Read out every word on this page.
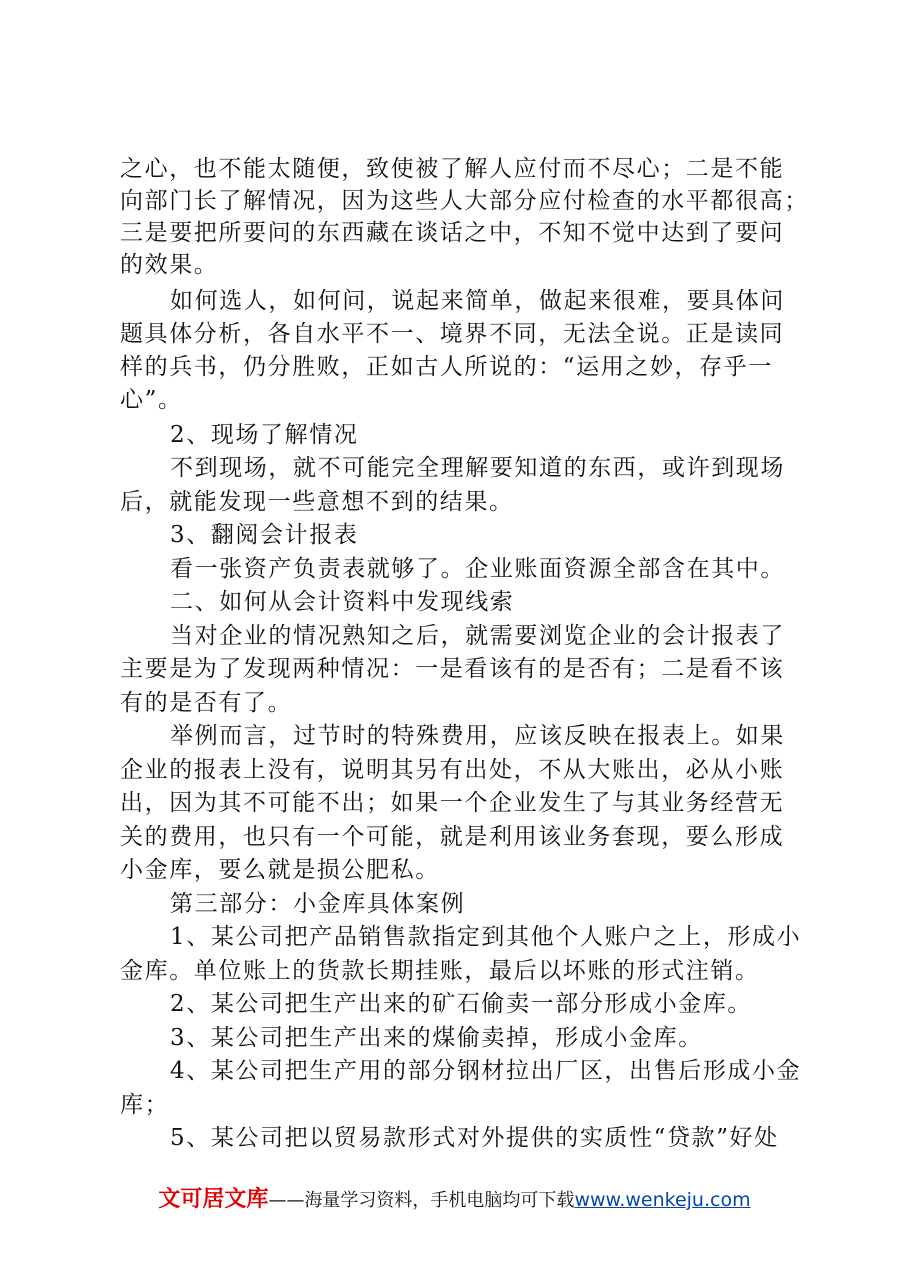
之心，也不能太随便，致使被了解人应付而不尽心；二是不能
向部门长了解情况，因为这些人大部分应付检查的水平都很高；
三是要把所要问的东西藏在谈话之中，不知不觉中达到了要问
的效果。
如何选人，如何问，说起来简单，做起来很难，要具体问
题具体分析，各自水平不一、境界不同，无法全说。正是读同
样的兵书，仍分胜败，正如古人所说的：“运用之妙，存乎一
心”。
2、现场了解情况
不到现场，就不可能完全理解要知道的东西，或许到现场
后，就能发现一些意想不到的结果。
3、翻阅会计报表
看一张资产负责表就够了。企业账面资源全部含在其中。
二、如何从会计资料中发现线索
当对企业的情况熟知之后，就需要浏览企业的会计报表了
主要是为了发现两种情况：一是看该有的是否有；二是看不该
有的是否有了。
举例而言，过节时的特殊费用，应该反映在报表上。如果
企业的报表上没有，说明其另有出处，不从大账出，必从小账
出，因为其不可能不出；如果一个企业发生了与其业务经营无
关的费用，也只有一个可能，就是利用该业务套现，要么形成
小金库，要么就是损公肥私。
第三部分：小金库具体案例
1、某公司把产品销售款指定到其他个人账户之上，形成小
金库。单位账上的货款长期挂账，最后以坏账的形式注销。
2、某公司把生产出来的矿石偷卖一部分形成小金库。
3、某公司把生产出来的煤偷卖掉，形成小金库。
4、某公司把生产用的部分钢材拉出厂区，出售后形成小金
库；
5、某公司把以贸易款形式对外提供的实质性“贷款”好处
文可居文库——海量学习资料，手机电脑均可下载www.wenkeju.com
